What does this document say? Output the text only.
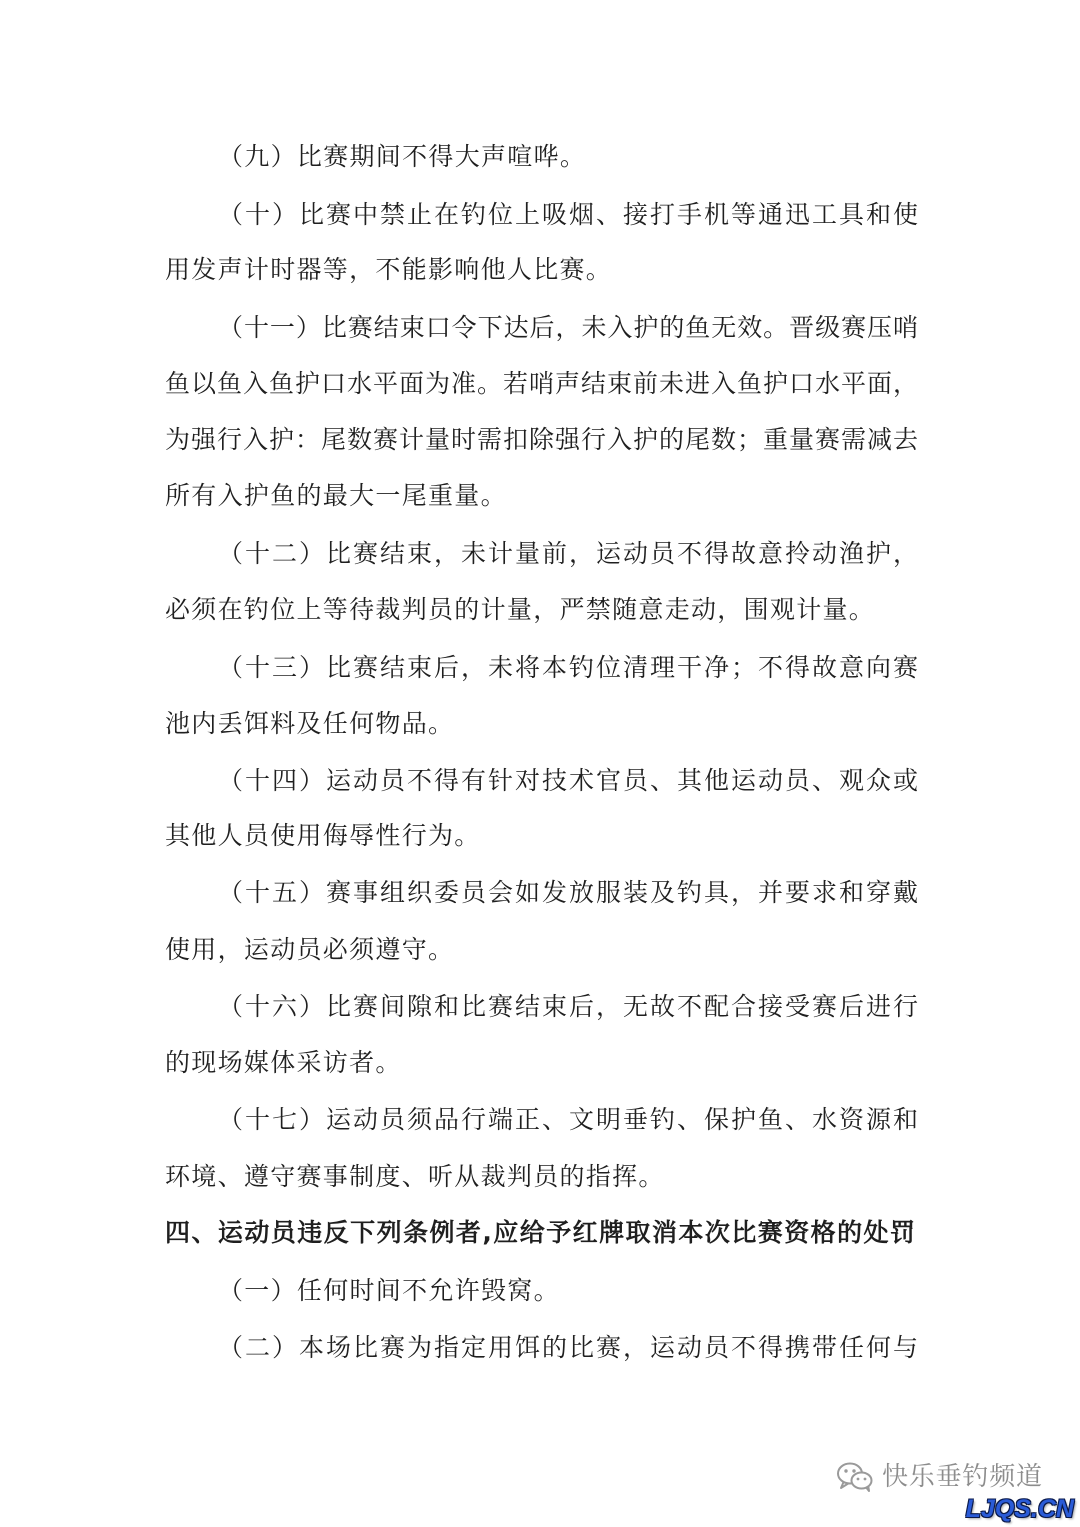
（九）比赛期间不得大声喧哗。
（十）比赛中禁止在钓位上吸烟、接打手机等通迅工具和使
用发声计时器等，不能影响他人比赛。
（十一）比赛结束口令下达后，未入护的鱼无效。晋级赛压哨
鱼以鱼入鱼护口水平面为准。若哨声结束前未进入鱼护口水平面，
为强行入护：尾数赛计量时需扣除强行入护的尾数；重量赛需减去
所有入护鱼的最大一尾重量。
（十二）比赛结束，未计量前，运动员不得故意拎动渔护，
必须在钓位上等待裁判员的计量，严禁随意走动，围观计量。
（十三）比赛结束后，未将本钓位清理干净；不得故意向赛
池内丢饵料及任何物品。
（十四）运动员不得有针对技术官员、其他运动员、观众或
其他人员使用侮辱性行为。
（十五）赛事组织委员会如发放服装及钓具，并要求和穿戴
使用，运动员必须遵守。
（十六）比赛间隙和比赛结束后，无故不配合接受赛后进行
的现场媒体采访者。
（十七）运动员须品行端正、文明垂钓、保护鱼、水资源和
环境、遵守赛事制度、听从裁判员的指挥。
四、运动员违反下列条例者,应给予红牌取消本次比赛资格的处罚
（一）任何时间不允许毁窝。
（二）本场比赛为指定用饵的比赛，运动员不得携带任何与
快乐垂钓频道
LJQS.CN
